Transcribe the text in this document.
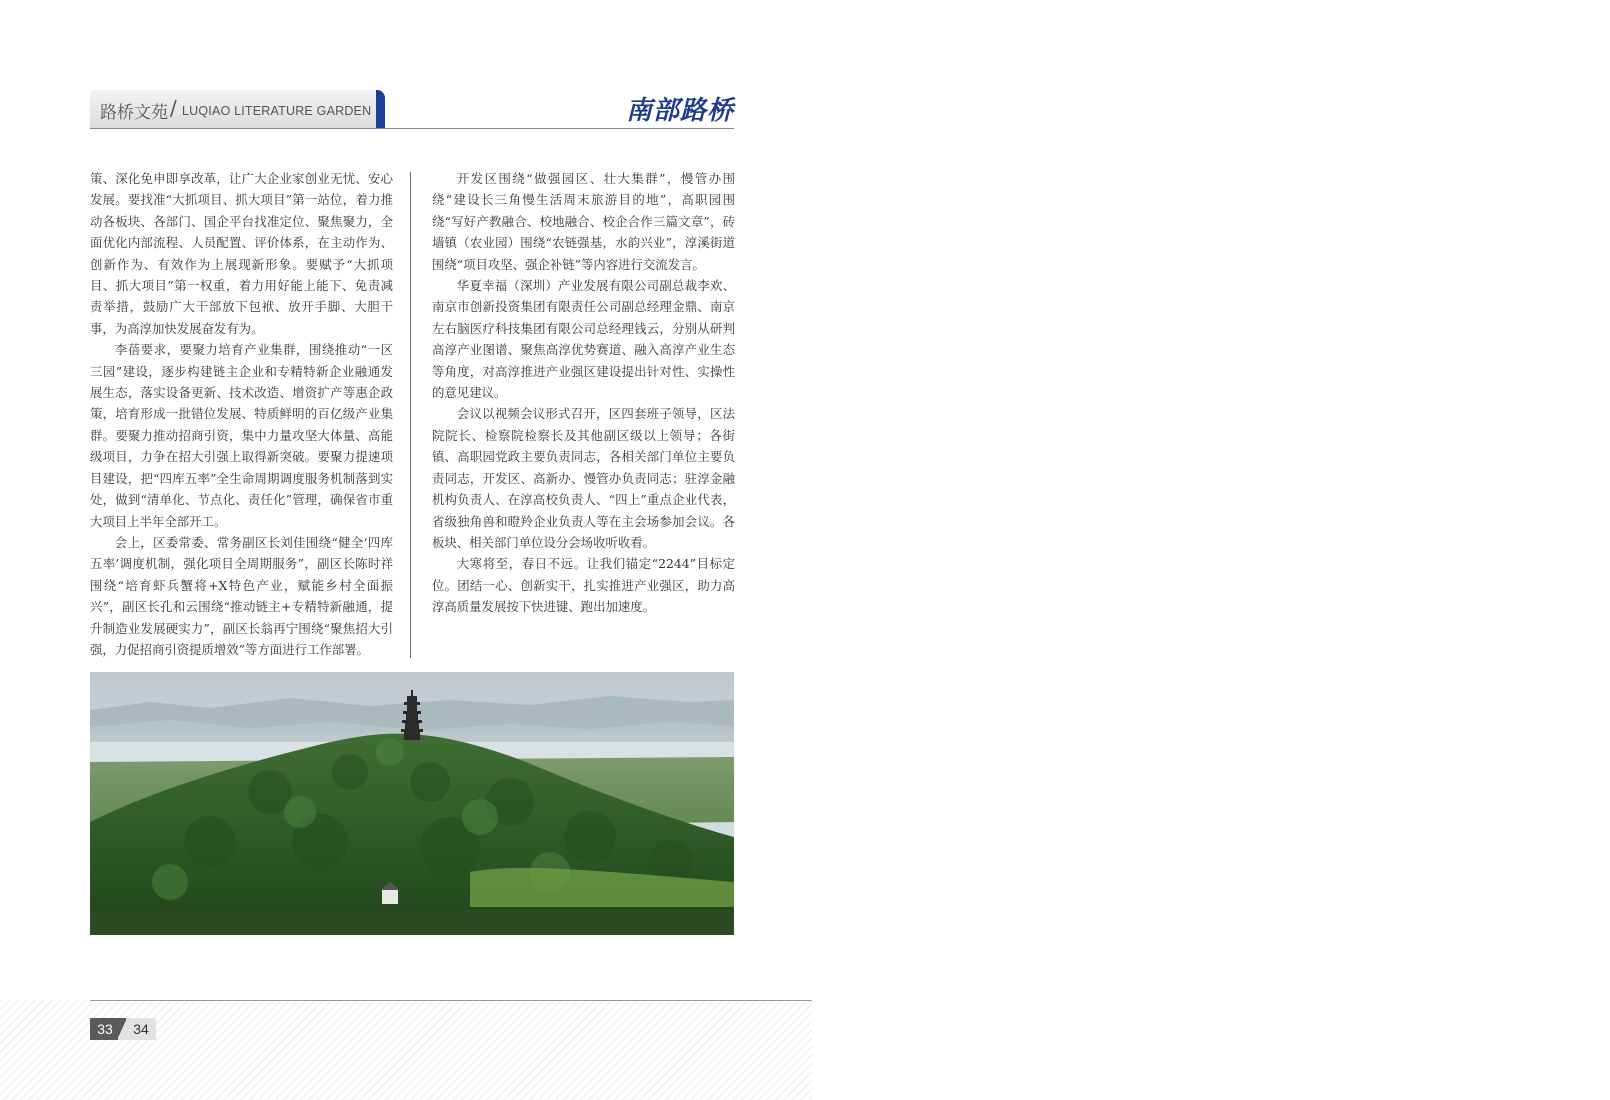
路桥文苑 / LUQIAO LITERATURE GARDEN	南部路桥

策、深化免申即享改革，让广大企业家创业无忧、安心发展。要找准“大抓项目、抓大项目”第一站位，着力推动各板块、各部门、国企平台找准定位、聚焦聚力，全面优化内部流程、人员配置、评价体系，在主动作为、创新作为、有效作为上展现新形象。要赋予“大抓项目、抓大项目”第一权重，着力用好能上能下、免责减责举措，鼓励广大干部放下包袱、放开手脚、大胆干事，为高淳加快发展奋发有为。

李蓓要求，要聚力培育产业集群，围绕推动“一区三园”建设，逐步构建链主企业和专精特新企业融通发展生态，落实设备更新、技术改造、增资扩产等惠企政策，培育形成一批错位发展、特质鲜明的百亿级产业集群。要聚力推动招商引资，集中力量攻坚大体量、高能级项目，力争在招大引强上取得新突破。要聚力提速项目建设，把“四库五率”全生命周期调度服务机制落到实处，做到“清单化、节点化、责任化”管理，确保省市重大项目上半年全部开工。

会上，区委常委、常务副区长刘佳围绕“健全‘四库五率’调度机制，强化项目全周期服务”，副区长陈时祥围绕“培育虾兵蟹将+X特色产业，赋能乡村全面振兴”，副区长孔和云围绕“推动链主+专精特新融通，提升制造业发展硬实力”，副区长翁再宁围绕“聚焦招大引强，力促招商引资提质增效”等方面进行工作部署。

开发区围绕“做强园区、壮大集群”，慢管办围绕“建设长三角慢生活周末旅游目的地”，高职园围绕“写好产教融合、校地融合、校企合作三篇文章”，砖墙镇（农业园）围绕“农链强基，水韵兴业”，淳溪街道围绕“项目攻坚、强企补链”等内容进行交流发言。

华夏幸福（深圳）产业发展有限公司副总裁李欢、南京市创新投资集团有限责任公司副总经理金鼎、南京左右脑医疗科技集团有限公司总经理钱云，分别从研判高淳产业图谱、聚焦高淳优势赛道、融入高淳产业生态等角度，对高淳推进产业强区建设提出针对性、实操性的意见建议。

会议以视频会议形式召开，区四套班子领导，区法院院长、检察院检察长及其他副区级以上领导；各街镇、高职园党政主要负责同志，各相关部门单位主要负责同志，开发区、高新办、慢管办负责同志；驻淳金融机构负责人、在淳高校负责人、“四上”重点企业代表，省级独角兽和瞪羚企业负责人等在主会场参加会议。各板块、相关部门单位设分会场收听收看。

大寒将至，春日不远。让我们锚定“2244”目标定位。团结一心、创新实干，扎实推进产业强区，助力高淳高质量发展按下快进键、跑出加速度。

33	34
